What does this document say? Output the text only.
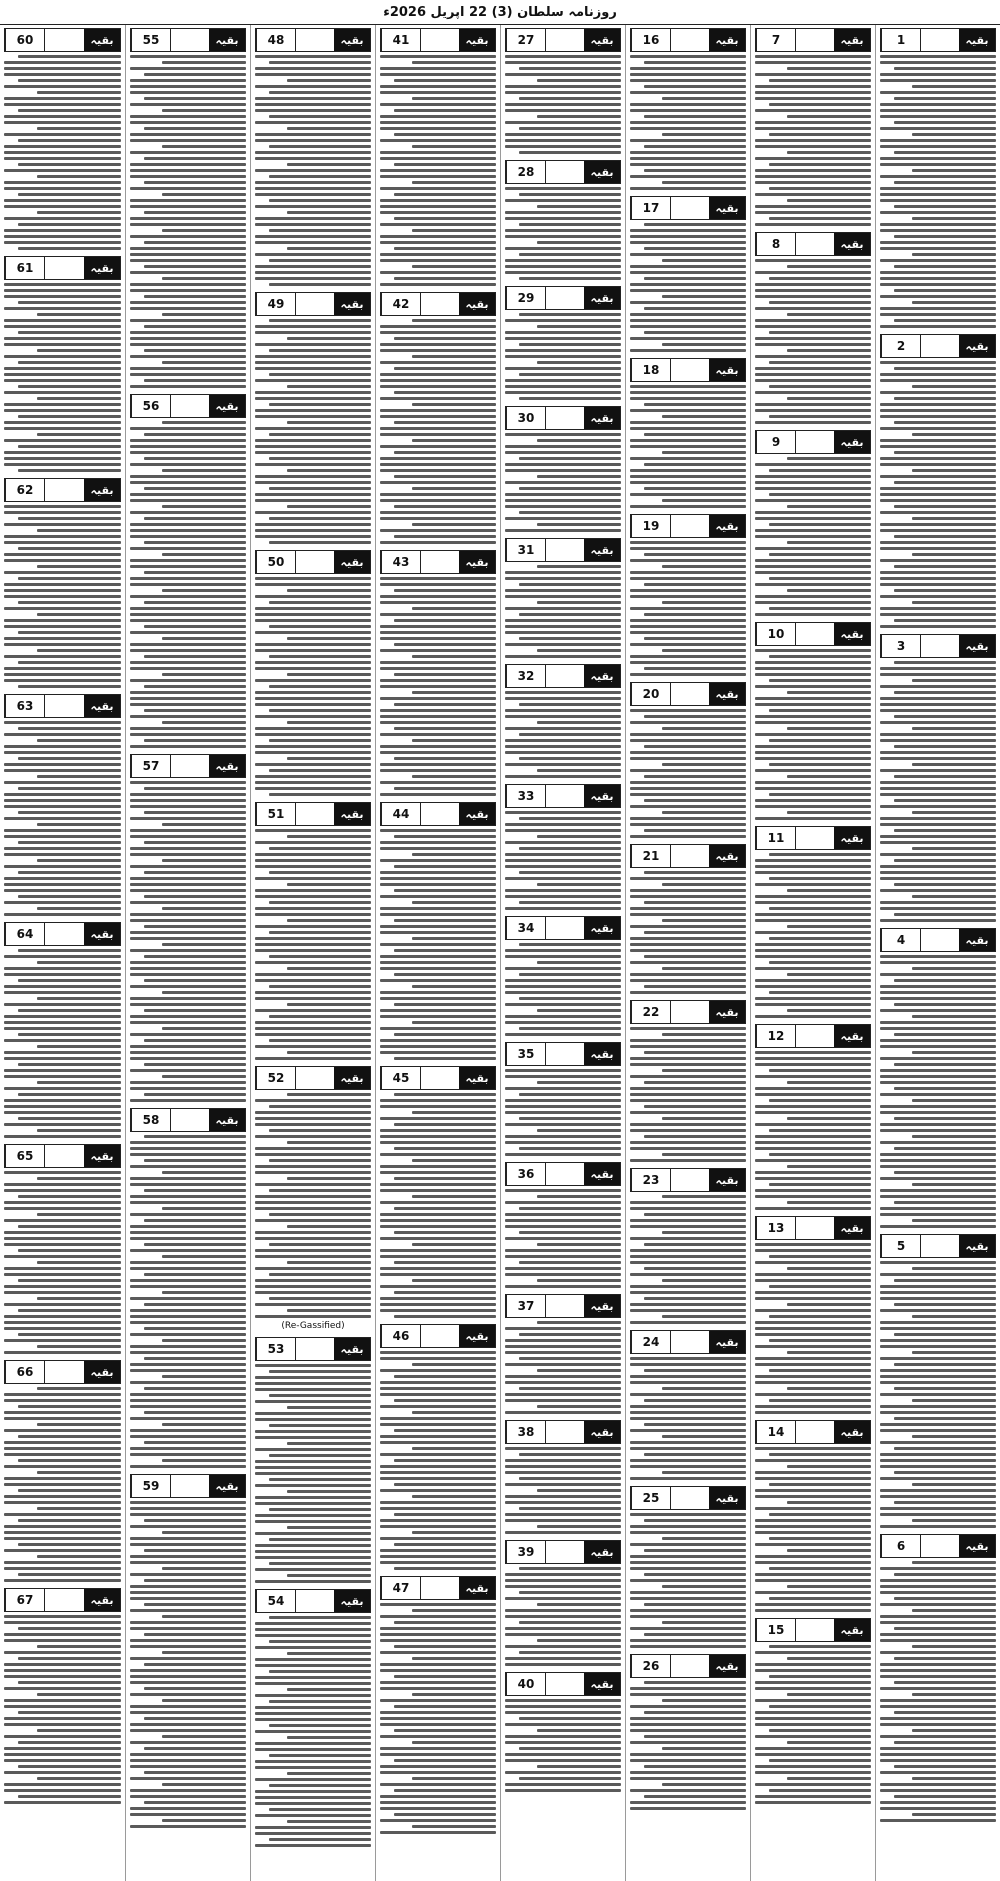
روزنامہ سلطان (3) 22 اپریل 2026ء
1	بقیہ
2	بقیہ
3	بقیہ
4	بقیہ
5	بقیہ
6	بقیہ
7	بقیہ
8	بقیہ
9	بقیہ
10	بقیہ
11	بقیہ
12	بقیہ
13	بقیہ
14	بقیہ
15	بقیہ
16	بقیہ
17	بقیہ
18	بقیہ
19	بقیہ
20	بقیہ
21	بقیہ
22	بقیہ
23	بقیہ
24	بقیہ
25	بقیہ
26	بقیہ
27	بقیہ
28	بقیہ
29	بقیہ
30	بقیہ
31	بقیہ
32	بقیہ
33	بقیہ
34	بقیہ
35	بقیہ
36	بقیہ
37	بقیہ
38	بقیہ
39	بقیہ
40	بقیہ
41	بقیہ
42	بقیہ
43	بقیہ
44	بقیہ
45	بقیہ
46	بقیہ
47	بقیہ
48	بقیہ
49	بقیہ
50	بقیہ
51	بقیہ
52	بقیہ
(Re-Gassified)
53	بقیہ
54	بقیہ
55	بقیہ
56	بقیہ
57	بقیہ
58	بقیہ
59	بقیہ
60	بقیہ
61	بقیہ
62	بقیہ
63	بقیہ
64	بقیہ
65	بقیہ
66	بقیہ
67	بقیہ
